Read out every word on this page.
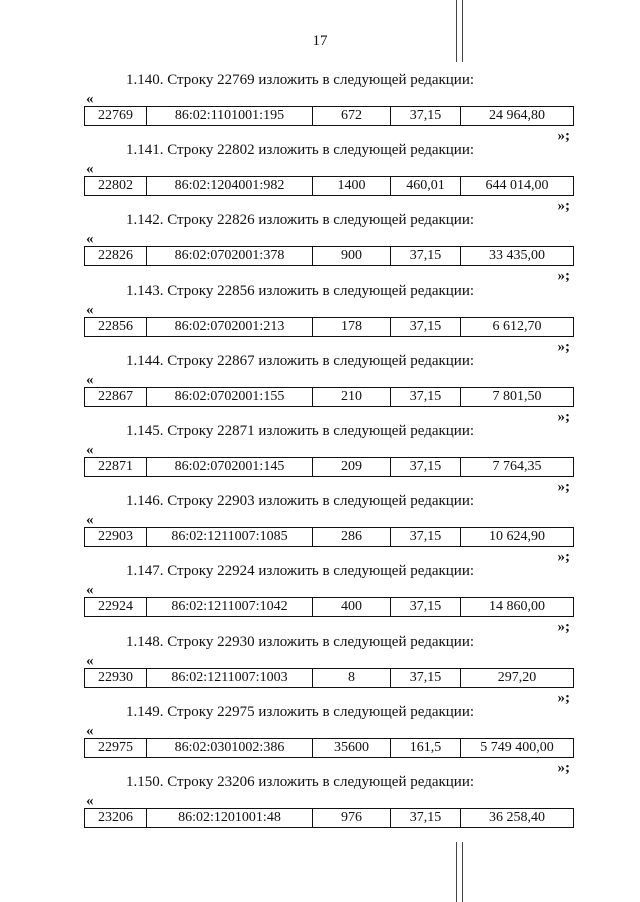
17
1.140. Строку 22769 изложить в следующей редакции:
«
22769	86:02:1101001:195	672	37,15	24 964,80
»;
1.141. Строку 22802 изложить в следующей редакции:
«
22802	86:02:1204001:982	1400	460,01	644 014,00
»;
1.142. Строку 22826 изложить в следующей редакции:
«
22826	86:02:0702001:378	900	37,15	33 435,00
»;
1.143. Строку 22856 изложить в следующей редакции:
«
22856	86:02:0702001:213	178	37,15	6 612,70
»;
1.144. Строку 22867 изложить в следующей редакции:
«
22867	86:02:0702001:155	210	37,15	7 801,50
»;
1.145. Строку 22871 изложить в следующей редакции:
«
22871	86:02:0702001:145	209	37,15	7 764,35
»;
1.146. Строку 22903 изложить в следующей редакции:
«
22903	86:02:1211007:1085	286	37,15	10 624,90
»;
1.147. Строку 22924 изложить в следующей редакции:
«
22924	86:02:1211007:1042	400	37,15	14 860,00
»;
1.148. Строку 22930 изложить в следующей редакции:
«
22930	86:02:1211007:1003	8	37,15	297,20
»;
1.149. Строку 22975 изложить в следующей редакции:
«
22975	86:02:0301002:386	35600	161,5	5 749 400,00
»;
1.150. Строку 23206 изложить в следующей редакции:
«
23206	86:02:1201001:48	976	37,15	36 258,40
